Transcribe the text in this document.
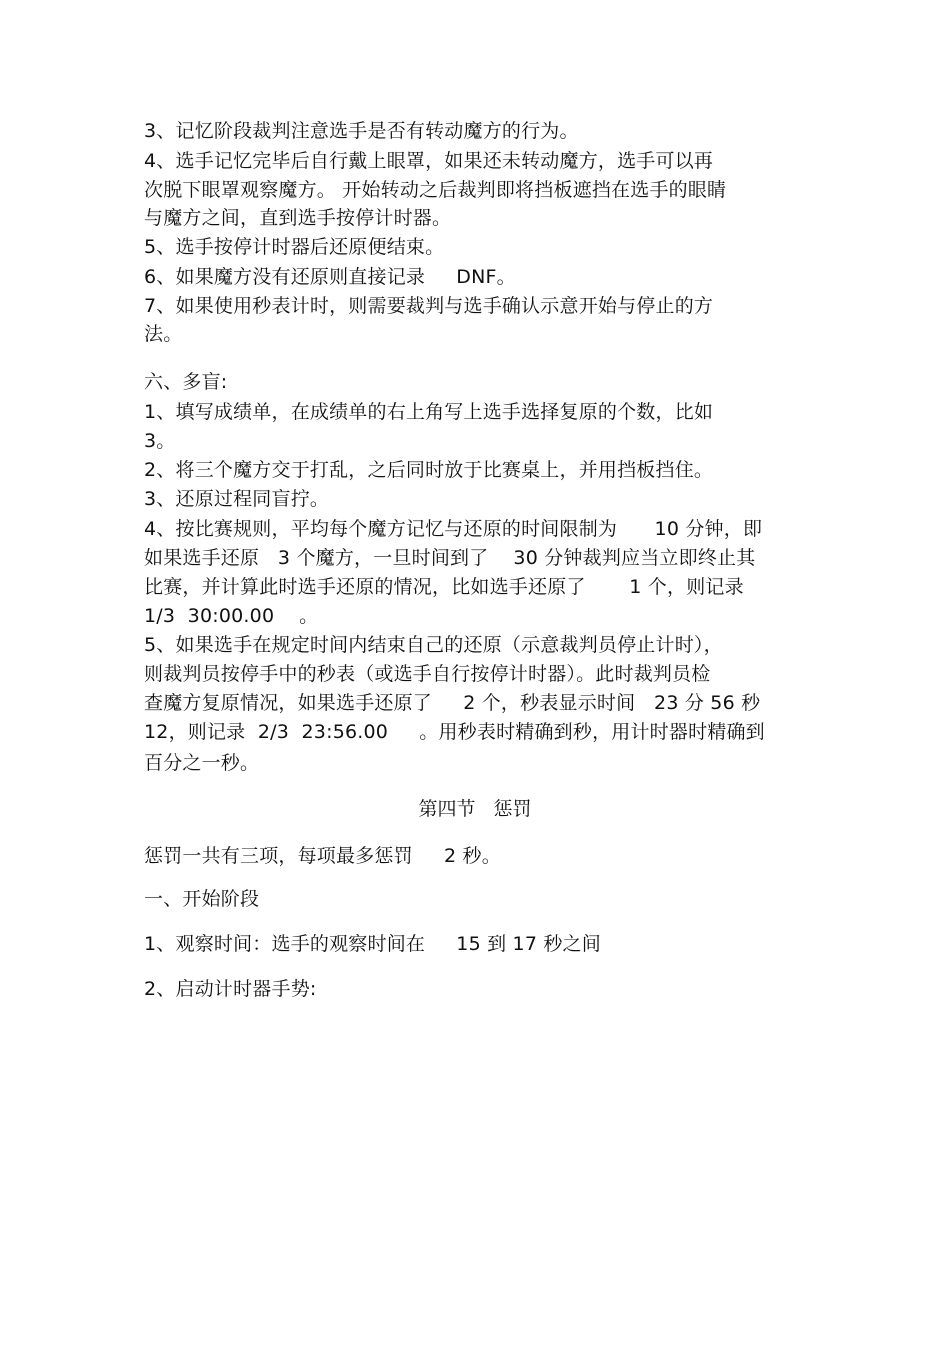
3、记忆阶段裁判注意选手是否有转动魔方的行为。
4、选手记忆完毕后自行戴上眼罩，如果还未转动魔方，选手可以再
次脱下眼罩观察魔方。 开始转动之后裁判即将挡板遮挡在选手的眼睛
与魔方之间，直到选手按停计时器。
5、选手按停计时器后还原便结束。
6、如果魔方没有还原则直接记录     DNF。
7、如果使用秒表计时，则需要裁判与选手确认示意开始与停止的方
法。
六、多盲:
1、填写成绩单，在成绩单的右上角写上选手选择复原的个数，比如
3。
2、将三个魔方交于打乱，之后同时放于比赛桌上，并用挡板挡住。
3、还原过程同盲拧。
4、按比赛规则，平均每个魔方记忆与还原的时间限制为      10 分钟，即
如果选手还原   3 个魔方，一旦时间到了    30 分钟裁判应当立即终止其
比赛，并计算此时选手还原的情况，比如选手还原了       1 个，则记录
1/3  30:00.00    。
5、如果选手在规定时间内结束自己的还原（示意裁判员停止计时），
则裁判员按停手中的秒表（或选手自行按停计时器）。此时裁判员检
查魔方复原情况，如果选手还原了     2 个，秒表显示时间   23 分 56 秒
12，则记录  2/3  23:56.00     。用秒表时精确到秒，用计时器时精确到
百分之一秒。
第四节   惩罚
惩罚一共有三项，每项最多惩罚     2 秒。
一、开始阶段
1、观察时间：选手的观察时间在     15 到 17 秒之间
2、启动计时器手势:
